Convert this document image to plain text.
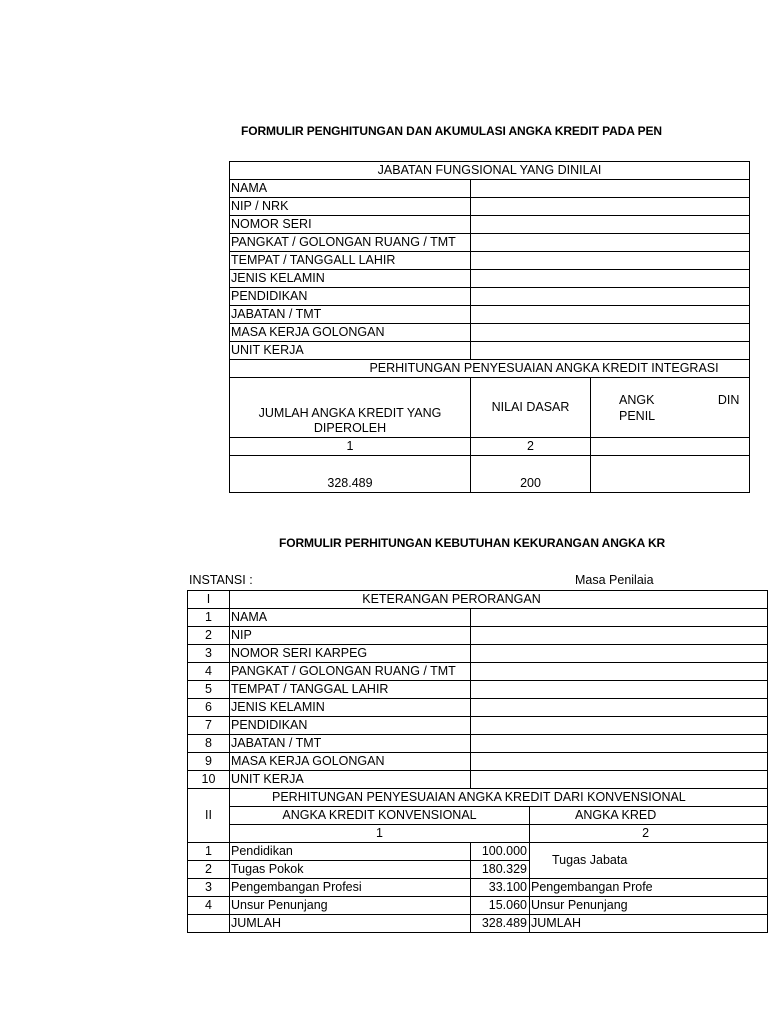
FORMULIR PENGHITUNGAN DAN AKUMULASI ANGKA KREDIT PADA PEN
JABATAN FUNGSIONAL YANG DINILAI		
NAMA		
NIP / NRK		
NOMOR SERI		
PANGKAT / GOLONGAN RUANG / TMT		
TEMPAT / TANGGALL LAHIR		
JENIS KELAMIN		
PENDIDIKAN		
JABATAN / TMT		
MASA KERJA GOLONGAN		
UNIT KERJA		
PERHITUNGAN PENYESUAIAN ANGKA KREDIT INTEGRASI		
JUMLAH ANGKA KREDIT YANG DIPEROLEH	NILAI DASAR	ANGK DIN PENIL
1	2	
328.489	200	
FORMULIR PERHITUNGAN KEBUTUHAN KEKURANGAN ANGKA KR
INSTANSI :	Masa Penilaia
I	KETERANGAN PERORANGAN		
1	NAMA		
2	NIP		
3	NOMOR SERI KARPEG		
4	PANGKAT / GOLONGAN RUANG / TMT		
5	TEMPAT / TANGGAL LAHIR		
6	JENIS KELAMIN		
7	PENDIDIKAN		
8	JABATAN / TMT		
9	MASA KERJA GOLONGAN		
10	UNIT KERJA		
II	PERHITUNGAN PENYESUAIAN ANGKA KREDIT DARI KONVENSIONAL		
	ANGKA KREDIT KONVENSIONAL		ANGKA KRED
	1		2
1	Pendidikan	100.000	Tugas Jabata
2	Tugas Pokok	180.329	
3	Pengembangan Profesi	33.100	Pengembangan Profe
4	Unsur Penunjang	15.060	Unsur Penunjang
	JUMLAH	328.489	JUMLAH
